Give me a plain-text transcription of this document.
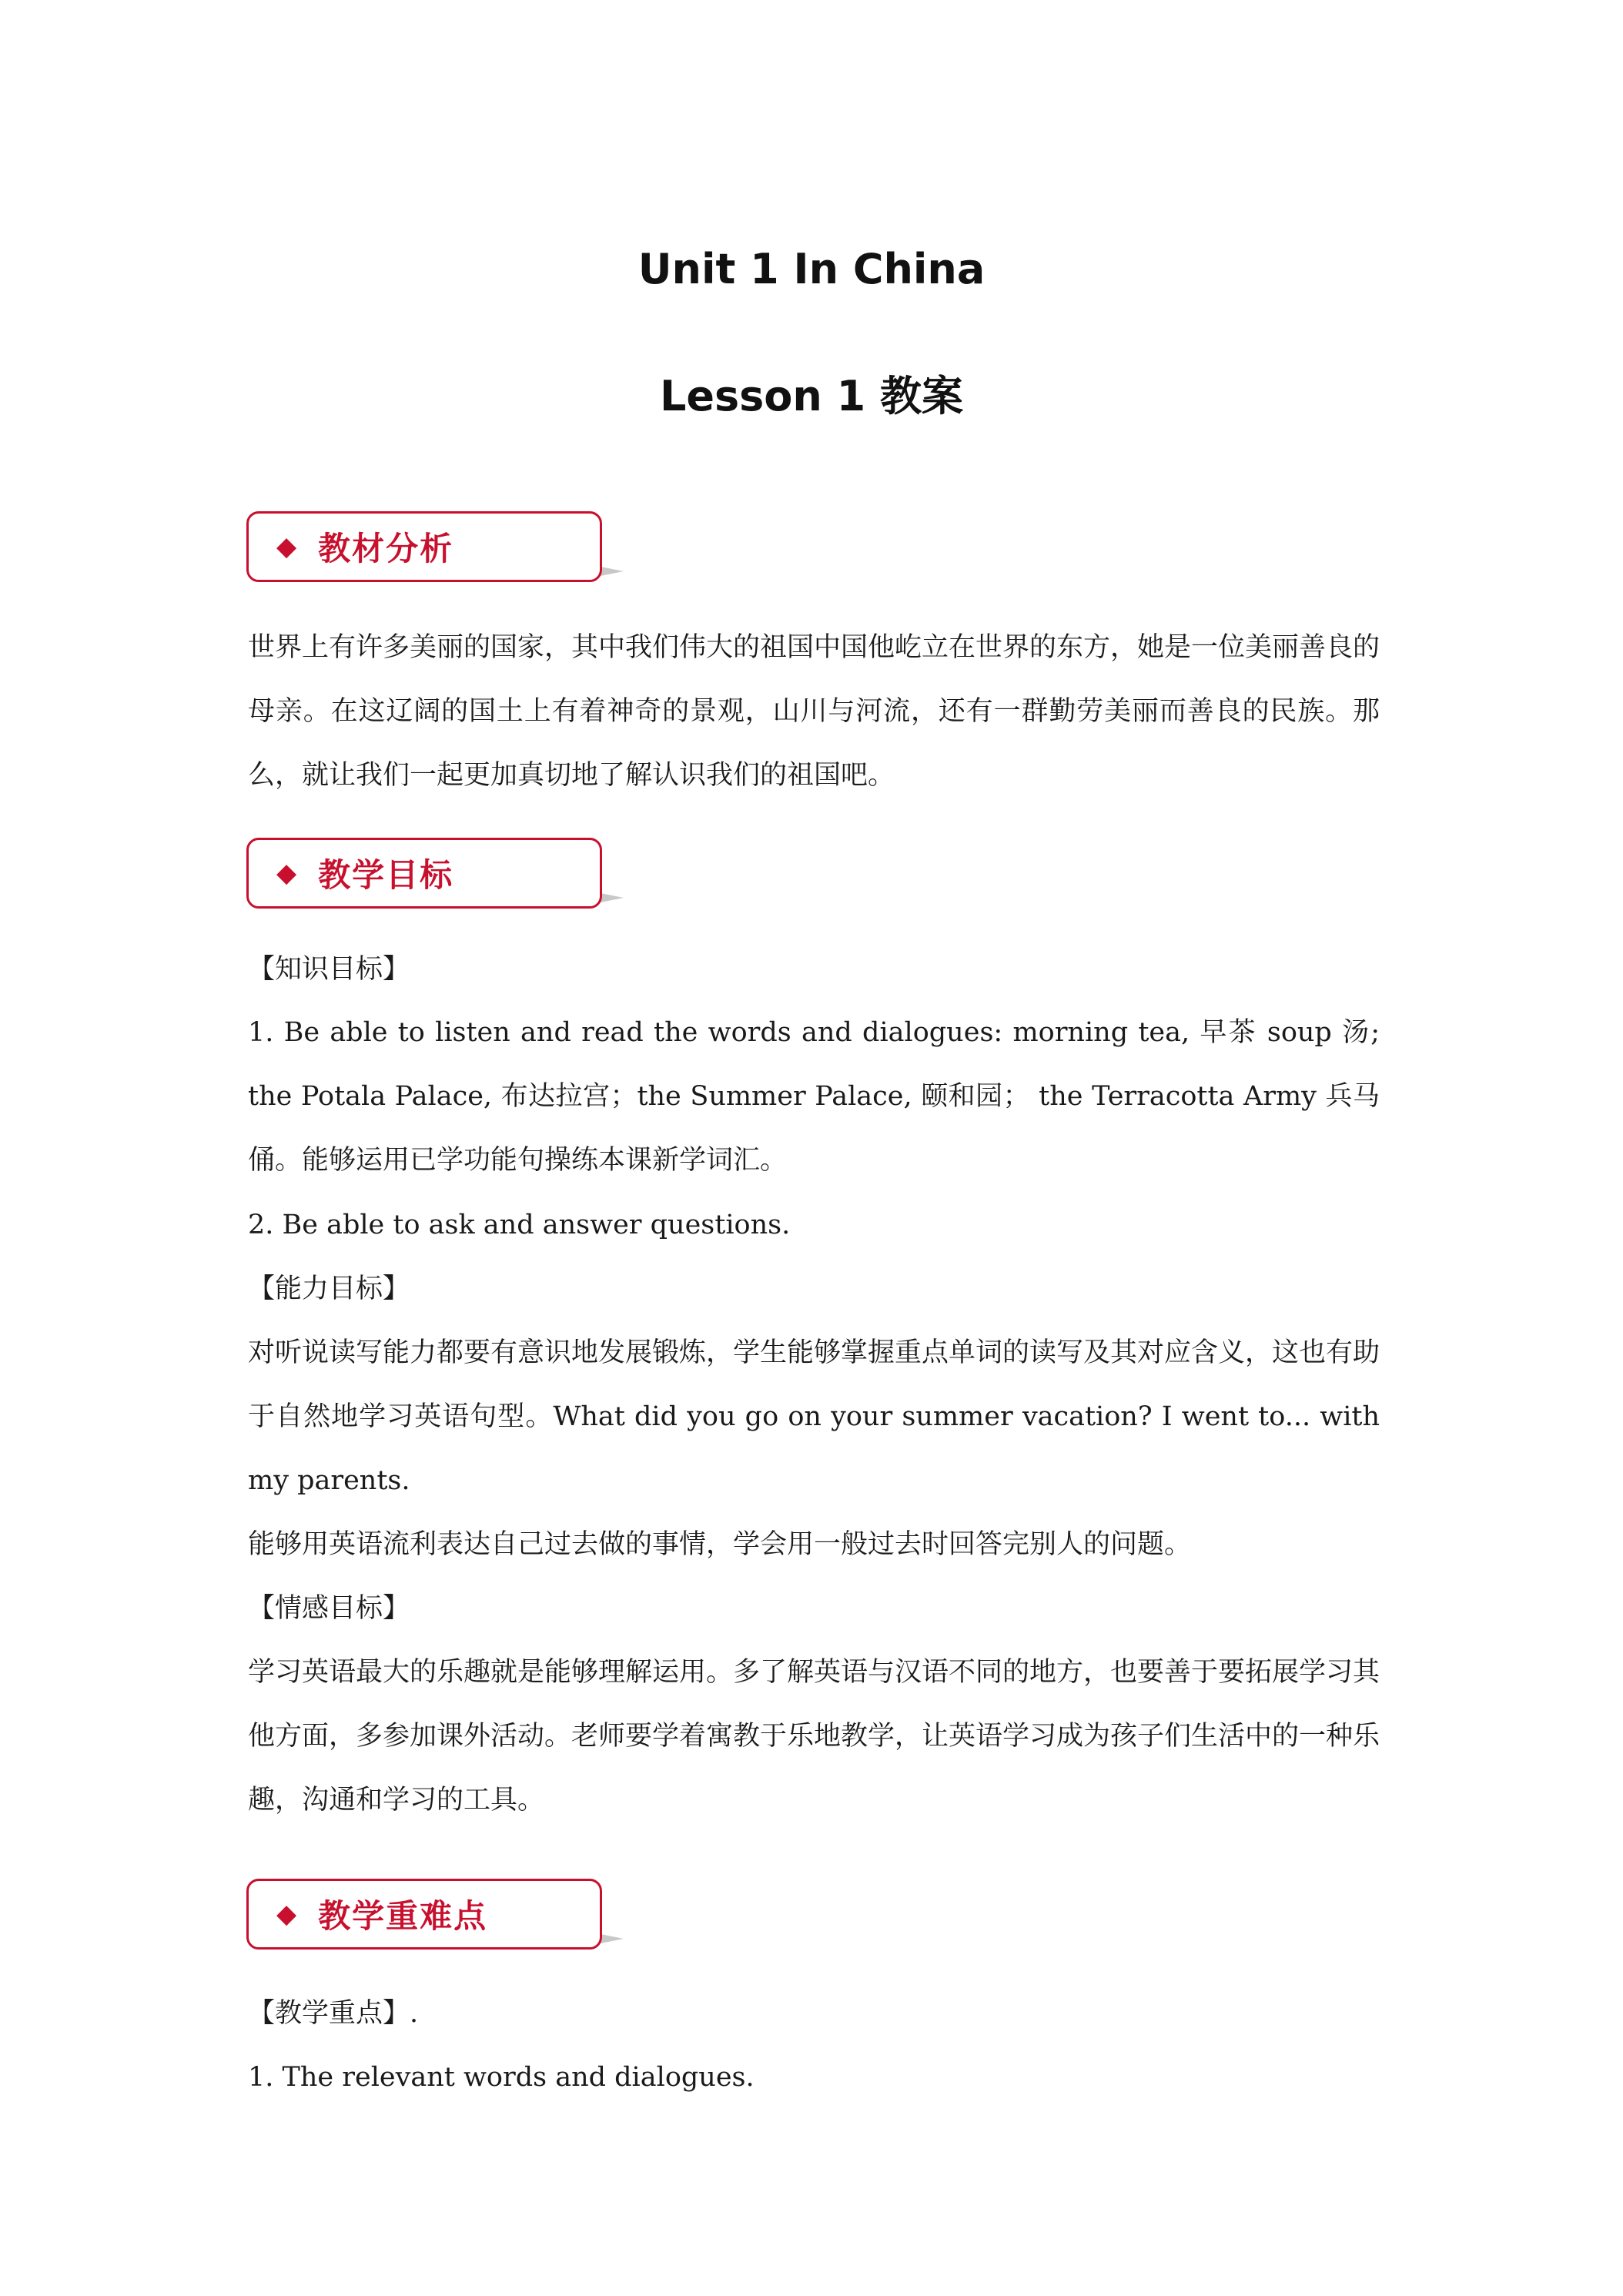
Unit 1 In China
Lesson 1 教案
◆ 教材分析

世界上有许多美丽的国家，其中我们伟大的祖国中国他屹立在世界的东方，她是一位美丽善良的母亲。在这辽阔的国土上有着神奇的景观，山川与河流，还有一群勤劳美丽而善良的民族。那么，就让我们一起更加真切地了解认识我们的祖国吧。

◆ 教学目标

【知识目标】

1. Be able to listen and read the words and dialogues: morning tea, 早茶 soup 汤; the Potala Palace, 布达拉宫；the Summer Palace, 颐和园； the Terracotta Army 兵马俑。能够运用已学功能句操练本课新学词汇。

2. Be able to ask and answer questions.

【能力目标】

对听说读写能力都要有意识地发展锻炼，学生能够掌握重点单词的读写及其对应含义，这也有助于自然地学习英语句型。What did you go on your summer vacation? I went to... with my parents.

能够用英语流利表达自己过去做的事情，学会用一般过去时回答完别人的问题。

【情感目标】

学习英语最大的乐趣就是能够理解运用。多了解英语与汉语不同的地方，也要善于要拓展学习其他方面，多参加课外活动。老师要学着寓教于乐地教学，让英语学习成为孩子们生活中的一种乐趣，沟通和学习的工具。

◆ 教学重难点

【教学重点】.

1. The relevant words and dialogues.
